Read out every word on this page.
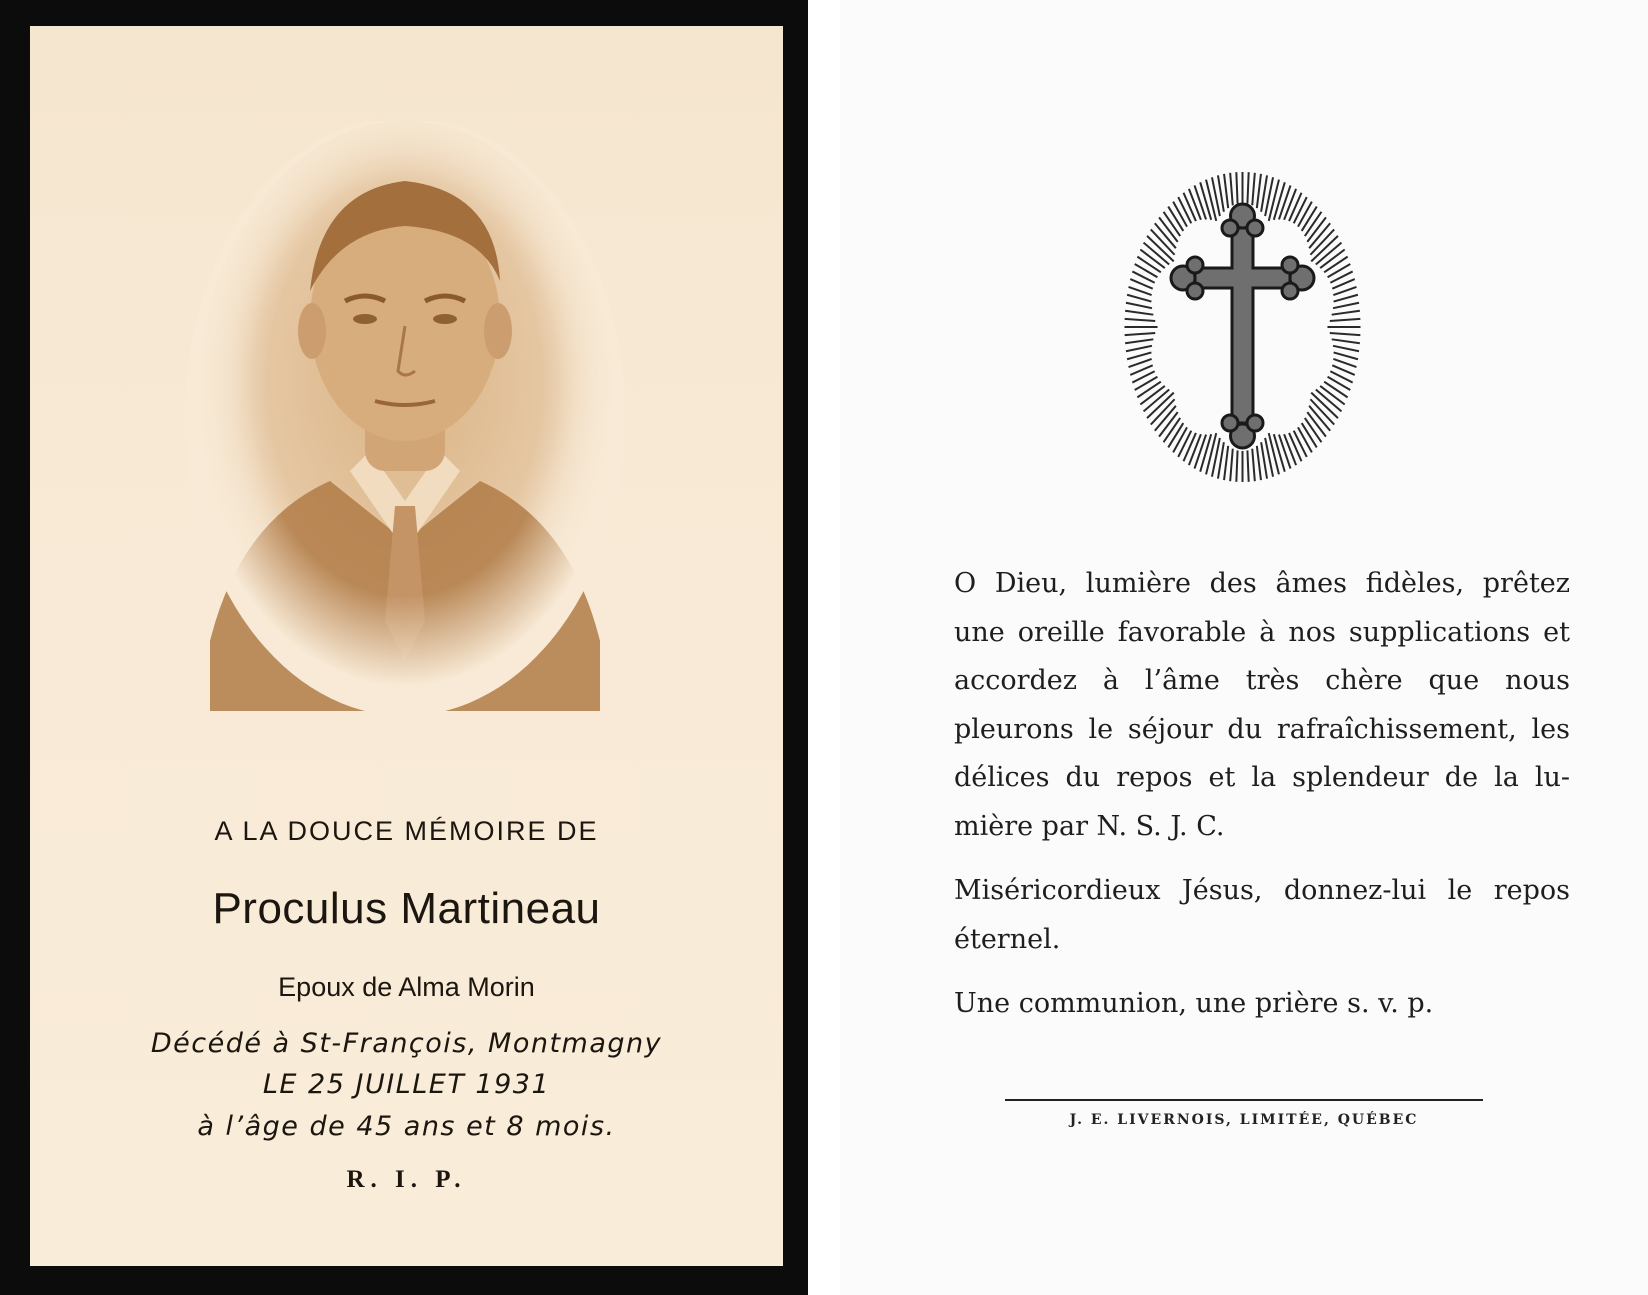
A LA DOUCE MÉMOIRE DE
Proculus Martineau
Epoux de Alma Morin
Décédé à St-François, Montmagny
LE 25 JUILLET 1931
à l’âge de 45 ans et 8 mois.
R. I. P.

O Dieu, lumière des âmes fidèles, prêtez
une oreille favorable à nos supplications et
accordez à l’âme très chère que nous
pleurons le séjour du rafraîchissement, les
délices du repos et la splendeur de la lu-
mière par N. S. J. C.

Miséricordieux Jésus, donnez-lui le repos
éternel.

Une communion, une prière s. v. p.

J. E. LIVERNOIS, LIMITÉE, QUÉBEC
